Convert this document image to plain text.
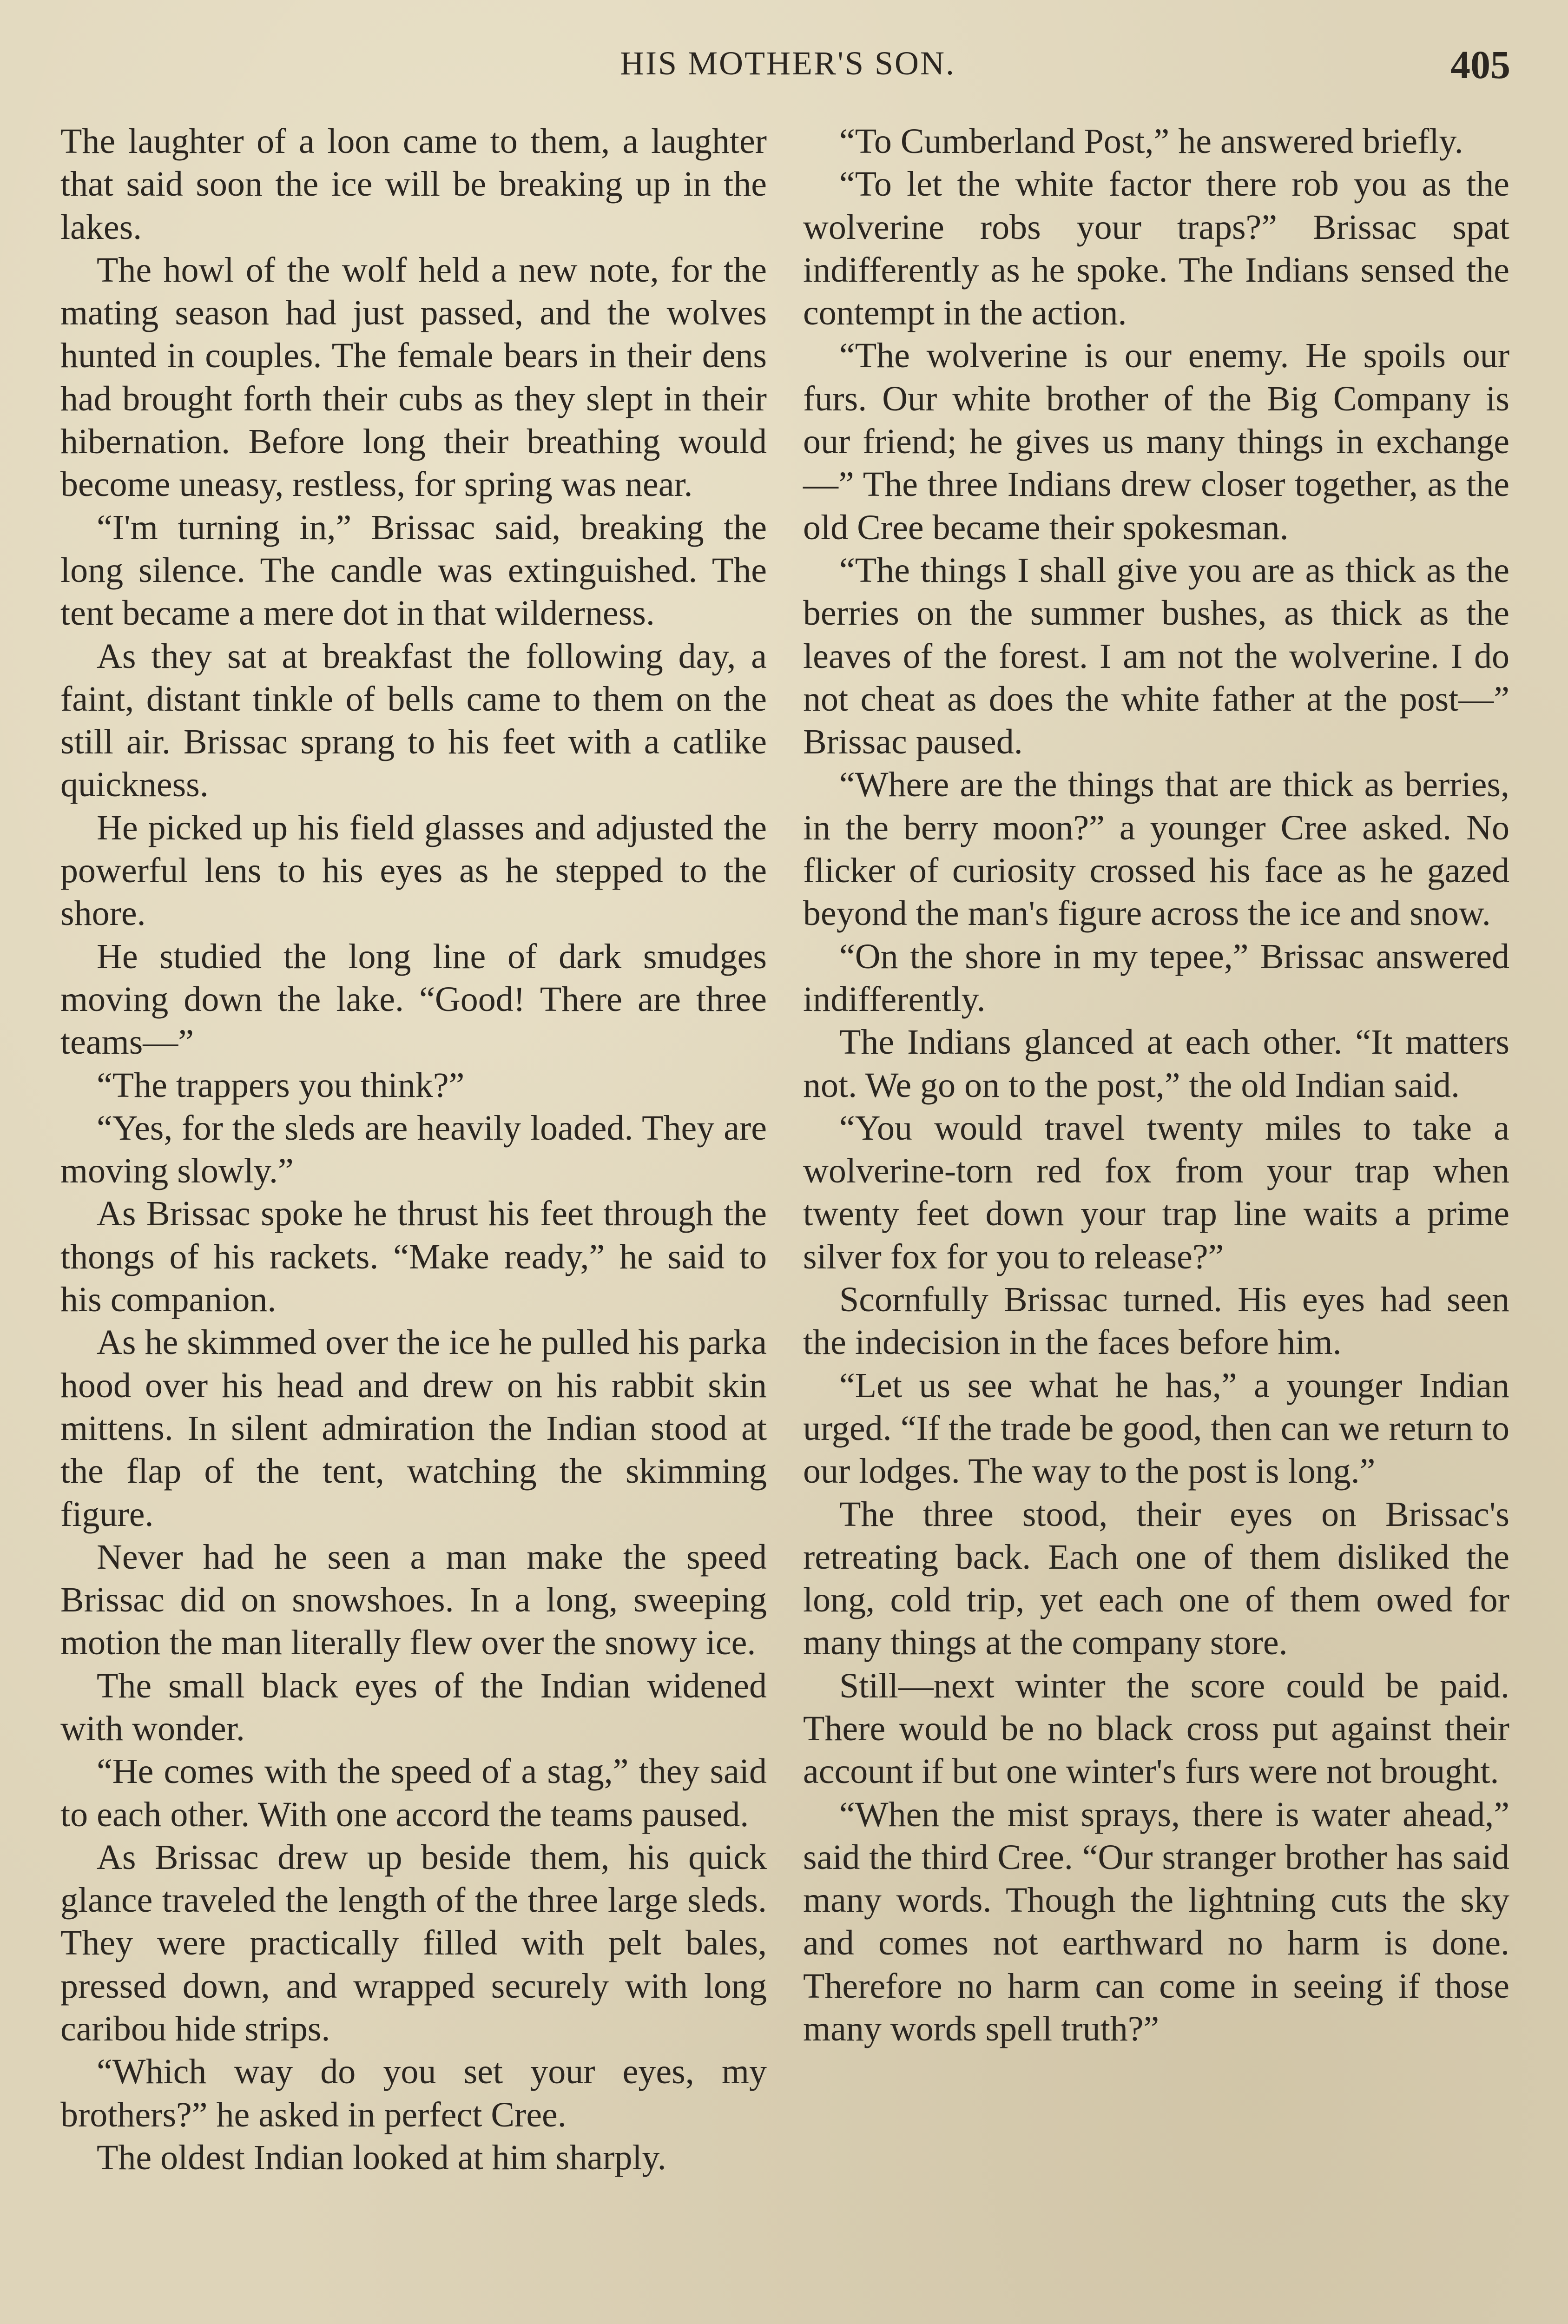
HIS MOTHER'S SON.	405

The laughter of a loon came to them, a laughter that said soon the ice will be breaking up in the lakes.

The howl of the wolf held a new note, for the mating season had just passed, and the wolves hunted in couples. The female bears in their dens had brought forth their cubs as they slept in their hibernation. Before long their breathing would become uneasy, restless, for spring was near.

“I'm turning in,” Brissac said, breaking the long silence. The candle was extinguished. The tent became a mere dot in that wilderness.

As they sat at breakfast the following day, a faint, distant tinkle of bells came to them on the still air. Brissac sprang to his feet with a catlike quickness.

He picked up his field glasses and adjusted the powerful lens to his eyes as he stepped to the shore.

He studied the long line of dark smudges moving down the lake. “Good! There are three teams—”

“The trappers you think?”

“Yes, for the sleds are heavily loaded. They are moving slowly.”

As Brissac spoke he thrust his feet through the thongs of his rackets. “Make ready,” he said to his companion.

As he skimmed over the ice he pulled his parka hood over his head and drew on his rabbit skin mittens. In silent admiration the Indian stood at the flap of the tent, watching the skimming figure.

Never had he seen a man make the speed Brissac did on snowshoes. In a long, sweeping motion the man literally flew over the snowy ice.

The small black eyes of the Indian widened with wonder.

“He comes with the speed of a stag,” they said to each other. With one accord the teams paused.

As Brissac drew up beside them, his quick glance traveled the length of the three large sleds. They were practically filled with pelt bales, pressed down, and wrapped securely with long caribou hide strips.

“Which way do you set your eyes, my brothers?” he asked in perfect Cree.

The oldest Indian looked at him sharply.

“To Cumberland Post,” he answered briefly.

“To let the white factor there rob you as the wolverine robs your traps?” Brissac spat indifferently as he spoke. The Indians sensed the contempt in the action.

“The wolverine is our enemy. He spoils our furs. Our white brother of the Big Company is our friend; he gives us many things in exchange—” The three Indians drew closer together, as the old Cree became their spokesman.

“The things I shall give you are as thick as the berries on the summer bushes, as thick as the leaves of the forest. I am not the wolverine. I do not cheat as does the white father at the post—” Brissac paused.

“Where are the things that are thick as berries, in the berry moon?” a younger Cree asked. No flicker of curiosity crossed his face as he gazed beyond the man's figure across the ice and snow.

“On the shore in my tepee,” Brissac answered indifferently.

The Indians glanced at each other. “It matters not. We go on to the post,” the old Indian said.

“You would travel twenty miles to take a wolverine-torn red fox from your trap when twenty feet down your trap line waits a prime silver fox for you to release?”

Scornfully Brissac turned. His eyes had seen the indecision in the faces before him.

“Let us see what he has,” a younger Indian urged. “If the trade be good, then can we return to our lodges. The way to the post is long.”

The three stood, their eyes on Brissac's retreating back. Each one of them disliked the long, cold trip, yet each one of them owed for many things at the company store.

Still—next winter the score could be paid. There would be no black cross put against their account if but one winter's furs were not brought.

“When the mist sprays, there is water ahead,” said the third Cree. “Our stranger brother has said many words. Though the lightning cuts the sky and comes not earthward no harm is done. Therefore no harm can come in seeing if those many words spell truth?”
